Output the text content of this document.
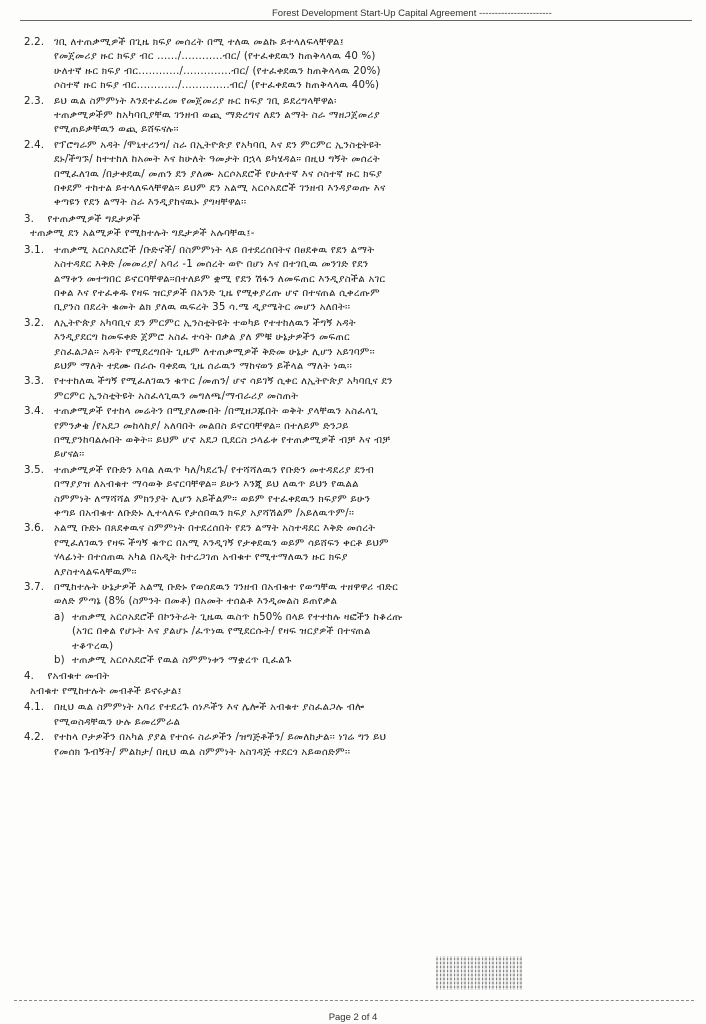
Forest Development Start-Up Capital Agreement -----------------------
2.2. ገቢ ለተጠቃሚዎች በጊዜ ክፍያ መሰረት በሚ ተለዉ መልኩ ይተላለፍላቸዋል፤
የመጀመሪያ ዙር ክፍያ ብር ....../............ብር/ (የተፈቀደዉን ከጠቅላላዉ 40 %)
ሁለተኛ ዙር ክፍያ ብር............/..............ብር/ (የተፈቀደዉን ከጠቅላላዉ 20%)
ሶስተኛ ዙር ክፍያ ብር............/..............ብር/ (የተፈቀደዉን ከጠቅላላዉ 40%)
2.3. ይህ ዉል ስምምነት እንደተፈረመ የመጀመሪያ ዙር ክፍያ ገቢ ይደረግላቸዋል፡
ተጠቃሚዎችም ከአካባቢያቸዉ ገንዘብ ወጪ ማድረግና ለደን ልማት ስራ ማዘጋጀመሪያ
የሚጠይቃቸዉን ወጪ ይሸፍናሉ፡፡
2.4. የፕሮግራም አዳት /ሞኒተሪንግ/ ስራ በኢትዮጵያ የአካባቢ እና ደን ምርምር ኢንስቲትዩት
ደኑ/ችግኙ/ ከተተከለ ከአመት እና ከሁለት ዓመታት በኋላ ይካሄዳል። በዚህ ግኝት መሰረት
በሚፈለገዉ /በታቀደዉ/ መጠን ደን ያለሙ አርሶአደሮች የሁለተኛ እና ሶስተኛ ዙር ክፍያ
በቀደም ተከተል ይተላለፍላቸዋል። ይህም ደን አልሚ አርሶአደሮች ገንዘብ እንዳያወጡ እና
ቀጣዩን የደን ልማት ስራ እንዲያከናዉኑ ያግዛቸዋል፡፡
3. የተጠቃሚዎች ግዴታዎች
ተጠቃሚ ደን አልሚዎች የሚከተሉት ግዴታዎች አሉባቸዉ፤-
3.1. ተጠቃሚ አርሶአደሮች /ቡድኖች/ በስምምነት ላይ በተደረሰበትና በፀደቀዉ የደን ልማት
አስተዳደር እቅድ /መመሪያ/ አባሪ -1 መሰረት ወዮ በሆነ እና በተገቢዉ መንገድ የደን
ልማቱን መተግበር ይኖርባቸዋል።በተለይም ቋሚ የደን ሽፋን ለመፍጠር እንዲያስችል አገር
በቀል እና የተፈቀዱ የዛፍ ዝርያዎች በአንድ ጊዜ የሚቀያረጡ ሆኖ በተናጠል ሲቀረጡም
ቢያንስ በደረት ቁመት ልክ ያለዉ ዉፍረት 35 ሳ.ሜ ዲያሜትር መሆን አለበት፡፡
3.2. ለኢትዮጵያ አካባቢና ደን ምርምር ኢንስቲትዩት ተወካይ የተተከለዉን ችግኝ አዳት
እንዲያደርግ ከመፍቀድ ጀምሮ አስፈ ተሳት በቃል ያለ ምቹ ሁኔታዎችን መፍጠር
ያስፈልጋል። አዳት የሚደረግበት ጊዜም ለተጠቃሚዎች ቅድመ ሁኔታ ሊሆን አይገባም፡፡
ይህም ማለት ተደሙ በራሱ ባቀደዉ ጊዜ ሰራዉን ማከናወን ይችላል ማለት ነዉ፡፡
3.3. የተተከለዉ ችግኝ የሚፈለገዉን ቁጥር /መጠን/ ሆኖ ሳይገኝ ሲቀር ለኢትዮጵያ አካባቢና ደን
ምርምር ኢንስቲትዩት አስፈላጊዉን መግለጫ/ማብራሪያ መስጠት
3.4. ተጠቃሚዎች የተከላ መሬትን በሚያለሙበት /በሚዘጋጁበት ወቅት ያላቸዉን አስፈላጊ
የምንቃቄ /የአደጋ መከላከያ/ አለባበት መልበስ ይኖርባቸዋል። በተለይም ድንጋይ
በሚያንከባልሉበት ወቅት፡፡ ይህም ሆኖ አደጋ ቢደርስ ኃላፊቱ የተጠቃሚዎች ብቻ እና ብቻ
ይሆናል፡፡
3.5. ተጠቃሚዎች የቡድን አባል ለዉጥ ካለ/ካደረጉ/ የተሻሻለዉን የቡድን መተዳደሪያ ደንብ
በማያያዝ ለአብቁተ ማሳወቅ ይኖርባቸዋል። ይሁን እንጂ ይህ ለዉጥ ይህን የዉልል
ስምምነት ለማሻሻል ምክንያት ሊሆን አይችልም። ወይም የተፈቀደዉን ክፍያም ይሁን
ቀጣይ በአብቁተ ለቡድኑ ሊተላለፍ የታሰበዉን ክፍያ አያሻሽልም /አይለዉጥም/፡፡
3.6. አልሚ ቡድኑ በጸደቀዉና ስምምነት በተደረሰበት የደን ልማት አስተዳደር እቅድ መሰረት
የሚፈለገዉን የዛፍ ችግኝ ቁጥር በአሚ እንዲገኝ የታቀደዉን ወይም ሳይሸፍን ቀርቶ ይህም
ሃላፊነት በተሰጠዉ አካል በአዲት ከተረጋገጠ አብቁተ የሚተማለዉን ዙር ክፍያ
ለያስተላልፍላቸዉም፡፡
3.7. በሚከተሉት ሁኔታዎች አልሚ ቡድኑ የወሰደዉን ገንዘብ በአብቁተ የወጣቸዉ ተዘዋዋሪ ብድር
ወለድ ምጣኔ (8% (ስምንት በመቶ) በአመት ተሰልቶ እንዲመልስ ይጠየቃል
a) ተጠቃሚ አርሶአደሮች በኮንትራት ጊዜዉ ዉስጥ ከ50% በላይ የተተከሉ ዛፎችን ከቆረጡ
(አገር በቀል የሆኑት እና ያልሆኑ /ፈጥነዉ የሚደርሱት/ የዛፍ ዝርያዎች በተናጠል
ተቆጥረዉ)
b) ተጠቃሚ አርሶአደሮች የዉል ስምምነቱን ማቋረጥ ቢፈልጉ
4. የአብቁተ መብት
አብቁተ የሚከተሉት መብቶች ይኖሩታል፤
4.1. በዚህ ዉል ስምምነት አባሪ የተደረጉ ሰነዶችን እና ሌሎች አብቁተ ያስፈልጋሉ ብሎ
የሚወስዳቸዉን ሁሉ ይመረምራል
4.2. የተከላ ቦታዎችን በአካል ያያል የተሰሩ ስራዎችን /ዝግጅቶችን/ ይመለከታል፡፡ ነገሬ ግን ይህ
የመሰክ ጉብኝት/ ምልከታ/ በዚህ ዉል ስምምነት አስገዳጅ ተደርጎ አይወሰድም፡፡
Page 2 of 4
